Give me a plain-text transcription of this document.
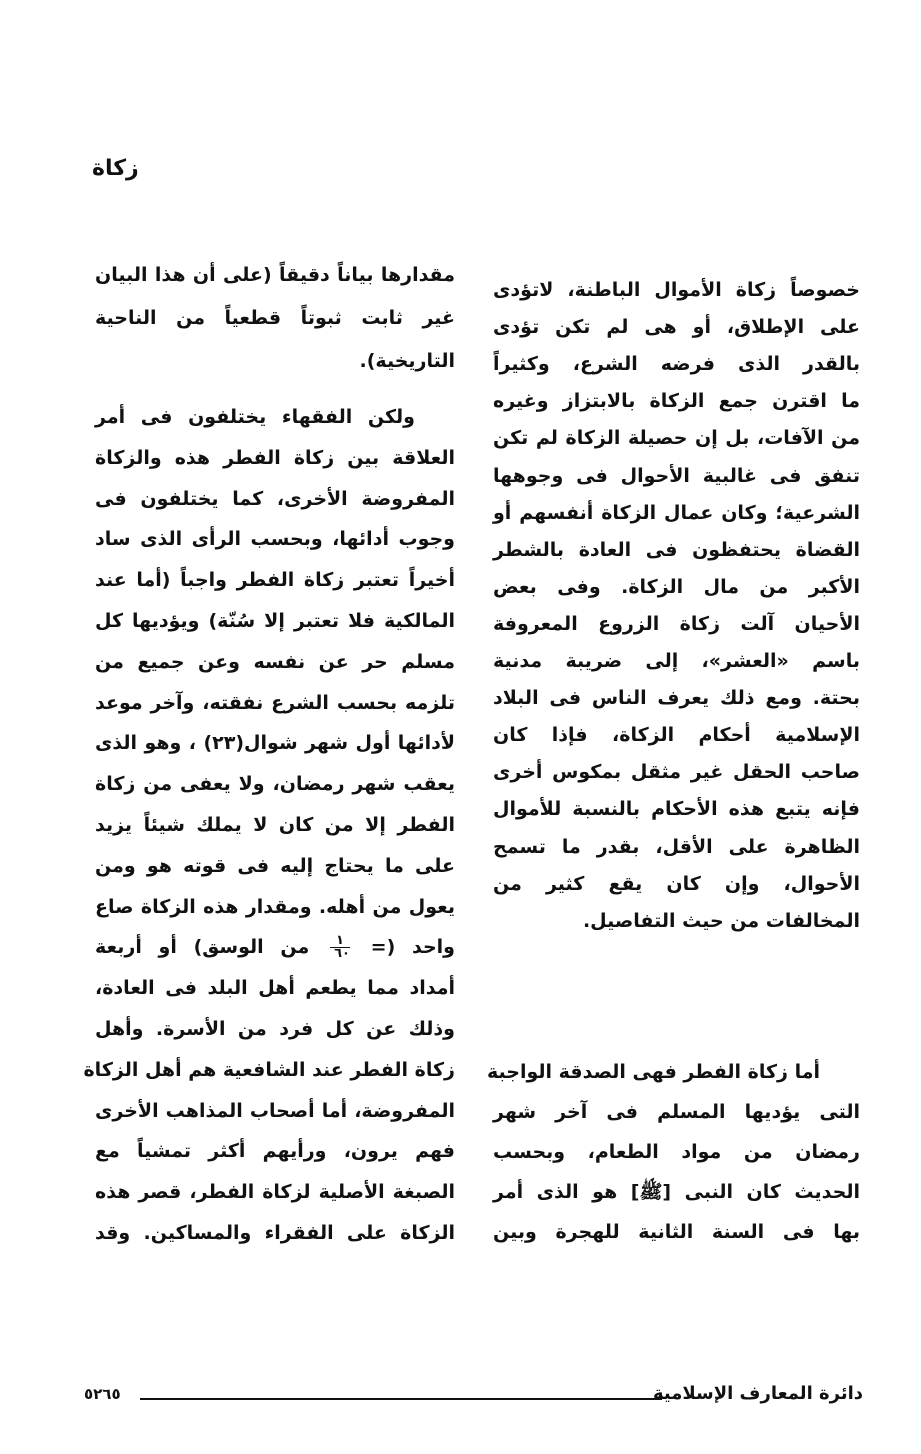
زكاة
خصوصاً زكاة الأموال الباطنة، لاتؤدى
على الإطلاق، أو هى لم تكن تؤدى
بالقدر الذى فرضه الشرع، وكثيراً
ما اقترن جمع الزكاة بالابتزاز وغيره
من الآفات، بل إن حصيلة الزكاة لم تكن
تنفق فى غالبية الأحوال فى وجوهها
الشرعية؛ وكان عمال الزكاة أنفسهم أو
القضاة يحتفظون فى العادة بالشطر
الأكبر من مال الزكاة. وفى بعض
الأحيان آلت زكاة الزروع المعروفة
باسم «العشر»، إلى ضريبة مدنية
بحتة. ومع ذلك يعرف الناس فى البلاد
الإسلامية أحكام الزكاة، فإذا كان
صاحب الحقل غير مثقل بمكوس أخرى
فإنه يتبع هذه الأحكام بالنسبة للأموال
الظاهرة على الأقل، بقدر ما تسمح
الأحوال، وإن كان يقع كثير من
المخالفات من حيث التفاصيل.
أما زكاة الفطر فهى الصدقة الواجبة
التى يؤديها المسلم فى آخر شهر
رمضان من مواد الطعام، وبحسب
الحديث كان النبى [ﷺ] هو الذى أمر
بها فى السنة الثانية للهجرة وبين
مقدارها بياناً دقيقاً (على أن هذا البيان
غير ثابت ثبوتاً قطعياً من الناحية
التاريخية).
ولكن الفقهاء يختلفون فى أمر
العلاقة بين زكاة الفطر هذه والزكاة
المفروضة الأخرى، كما يختلفون فى
وجوب أدائها، وبحسب الرأى الذى ساد
أخيراً تعتبر زكاة الفطر واجباً (أما عند
المالكية فلا تعتبر إلا سُنّة) ويؤديها كل
مسلم حر عن نفسه وعن جميع من
تلزمه بحسب الشرع نفقته، وآخر موعد
لأدائها أول شهر شوال(٢٣) ، وهو الذى
يعقب شهر رمضان، ولا يعفى من زكاة
الفطر إلا من كان لا يملك شيئاً يزيد
على ما يحتاج إليه فى قوته هو ومن
يعول من أهله. ومقدار هذه الزكاة صاع
واحد (=
$\frac{١}{٦٠}$
من الوسق) أو أربعة
أمداد مما يطعم أهل البلد فى العادة،
وذلك عن كل فرد من الأسرة. وأهل
زكاة الفطر عند الشافعية هم أهل الزكاة
المفروضة، أما أصحاب المذاهب الأخرى
فهم يرون، ورأيهم أكثر تمشياً مع
الصبغة الأصلية لزكاة الفطر، قصر هذه
الزكاة على الفقراء والمساكين. وقد
دائرة المعارف الإسلامية
٥٢٦٥
